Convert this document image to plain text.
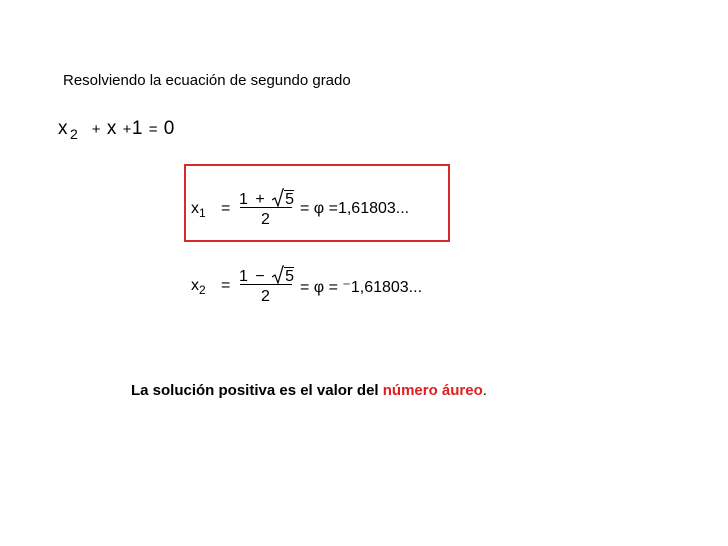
Resolviendo la ecuación de segundo grado
x 2 + x +1 = 0
$x_1$ =
1 + 5
2
= φ =1,61803...
$x_2$ =
1 − 5
2
= φ = ⁻1,61803...
La solución positiva es el valor del número áureo.
